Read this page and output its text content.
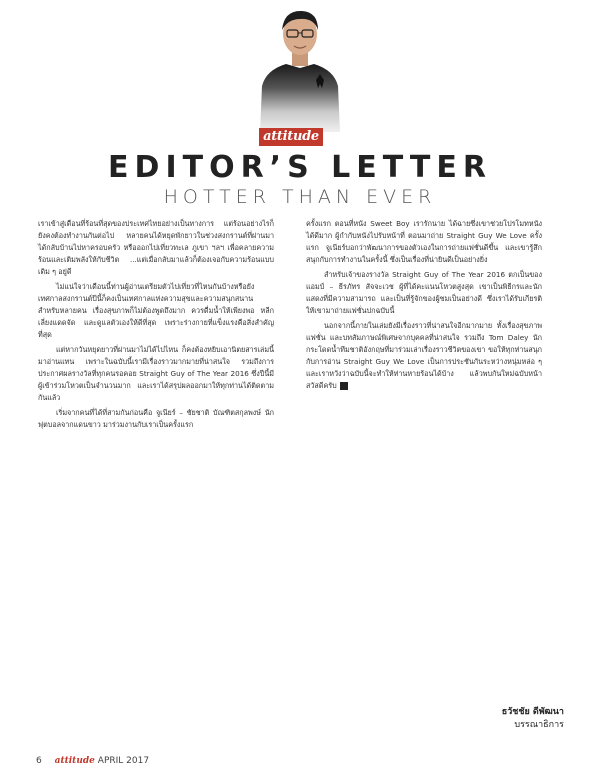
attitude
EDITOR’S LETTER
HOTTER THAN EVER

เราเข้าสู่เดือนที่ร้อนที่สุดของประเทศไทยอย่างเป็นทางการ แต่ร้อนอย่างไรก็ยังคงต้องทำงานกันต่อไป หลายคนได้หยุดพักยาวในช่วงสงกรานต์ที่ผ่านมา ได้กลับบ้านไปหาครอบครัว หรือออกไปเที่ยวทะเล ภูเขา ฯลฯ เพื่อคลายความร้อนและเติมพลังให้กับชีวิต ...แต่เมื่อกลับมาแล้วก็ต้องเจอกับความร้อนแบบเดิม ๆ อยู่ดี

ไม่แน่ใจว่าเดือนนี้ท่านผู้อ่านเตรียมตัวไปเที่ยวที่ไหนกันบ้างหรือยัง เทศกาลสงกรานต์ปีนี้ก็คงเป็นเทศกาลแห่งความสุขและความสนุกสนานสำหรับหลายคน เรื่องสุขภาพก็ไม่ต้องพูดถึงมาก ควรดื่มน้ำให้เพียงพอ หลีกเลี่ยงแดดจัด และดูแลตัวเองให้ดีที่สุด เพราะร่างกายที่แข็งแรงคือสิ่งสำคัญที่สุด

แต่หากวันหยุดยาวที่ผ่านมาไม่ได้ไปไหน ก็คงต้องหยิบเอานิตยสารเล่มนี้มาอ่านแทน เพราะในฉบับนี้เรามีเรื่องราวมากมายที่น่าสนใจ รวมถึงการประกาศผลรางวัลที่ทุกคนรอคอย Straight Guy of The Year 2016 ซึ่งปีนี้มีผู้เข้าร่วมโหวตเป็นจำนวนมาก และเราได้สรุปผลออกมาให้ทุกท่านได้ติดตามกันแล้ว

เริ่มจากคนที่ได้ที่สามกันก่อนคือ จูเนียร์ – ชัยชาติ บัณฑิตสกุลพงษ์ นักฟุตบอลจากแดนขาว มาร่วมงานกับเราเป็นครั้งแรก

ครั้งแรก ตอนที่หนัง Sweet Boy เรารักนาย ได้ฉายซึ่งเขาช่วยโปรโมทหนังได้ดีมาก ผู้กำกับหนังไปรับหน้าที่ ตอนมาถ่าย Straight Guy We Love ครั้งแรก จูเนียร์บอกว่าพัฒนาการของตัวเองในการถ่ายแฟชั่นดีขึ้น และเขารู้สึกสนุกกับการทำงานในครั้งนี้ ซึ่งเป็นเรื่องที่น่ายินดีเป็นอย่างยิ่ง

สำหรับเจ้าของรางวัล Straight Guy of The Year 2016 ตกเป็นของ แอมป์ – ธีรภัทร สัจจะเวช ผู้ที่ได้คะแนนโหวตสูงสุด เขาเป็นพิธีกรและนักแสดงที่มีความสามารถ และเป็นที่รู้จักของผู้ชมเป็นอย่างดี ซึ่งเราได้รับเกียรติให้เขามาถ่ายแฟชั่นปกฉบับนี้

นอกจากนี้ภายในเล่มยังมีเรื่องราวที่น่าสนใจอีกมากมาย ทั้งเรื่องสุขภาพ แฟชั่น และบทสัมภาษณ์พิเศษจากบุคคลที่น่าสนใจ รวมถึง Tom Daley นักกระโดดน้ำทีมชาติอังกฤษที่มาร่วมเล่าเรื่องราวชีวิตของเขา ขอให้ทุกท่านสนุกกับการอ่าน Straight Guy We Love เป็นการประชันกันระหว่างหนุ่มหล่อ ๆ และเราหวังว่าฉบับนี้จะทำให้ท่านหายร้อนได้บ้าง แล้วพบกันใหม่ฉบับหน้า สวัสดีครับ

ธวัชชัย ดีพัฒนา
บรรณาธิการ
6 attitude APRIL 2017
